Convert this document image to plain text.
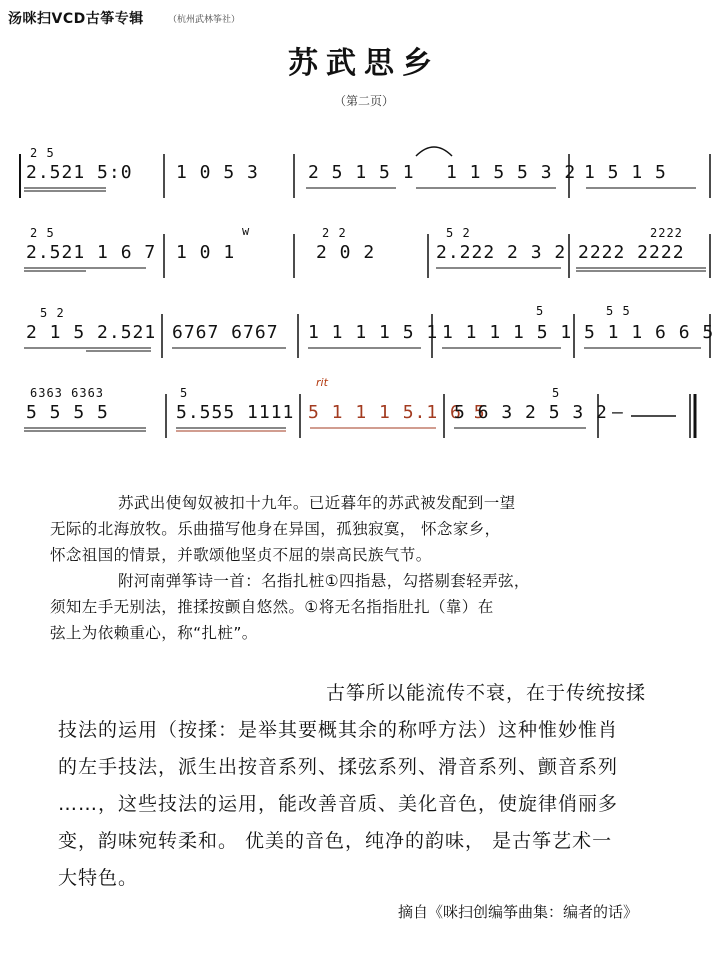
汤咪扫VCD古筝专辑	（杭州武林筝社）
苏武思乡
（第二页）
2 5
2.521 5:0 1 0 5 3	2 5 1 5 1 1 1 5 5 3 2 1 5 1 5
2 5	w	2 2	5 2	2222
2.521 1 6 7 1 0 1	2 0 2	2.222 2 3 2 2222 2222
5 2	5	5 5
2 1 5 2.521 6767 6767 1 1 1 1 5 1 1 1 1 1 5 1 5 1 1 6 6 5
6363 6363	5
rit
5
5 5 5 5	5.555 1111 5 1 1 1 5.1 6 5
5 6 3 2 5 3 2 —
苏武出使匈奴被扣十九年。已近暮年的苏武被发配到一望
无际的北海放牧。乐曲描写他身在异国，孤独寂寞， 怀念家乡，
怀念祖国的情景，并歌颂他坚贞不屈的崇高民族气节。
附河南弹筝诗一首：名指扎桩①四指悬，勾搭剔套轻弄弦，
须知左手无别法，推揉按颤自悠然。①将无名指指肚扎（靠）在
弦上为依赖重心，称“扎桩”。
古筝所以能流传不衰，在于传统按揉
技法的运用（按揉：是举其要概其余的称呼方法）这种惟妙惟肖
的左手技法，派生出按音系列、揉弦系列、滑音系列、颤音系列
……，这些技法的运用，能改善音质、美化音色，使旋律俏丽多
变，韵味宛转柔和。 优美的音色，纯净的韵味， 是古筝艺术一
大特色。
摘自《咪扫创编筝曲集：编者的话》
